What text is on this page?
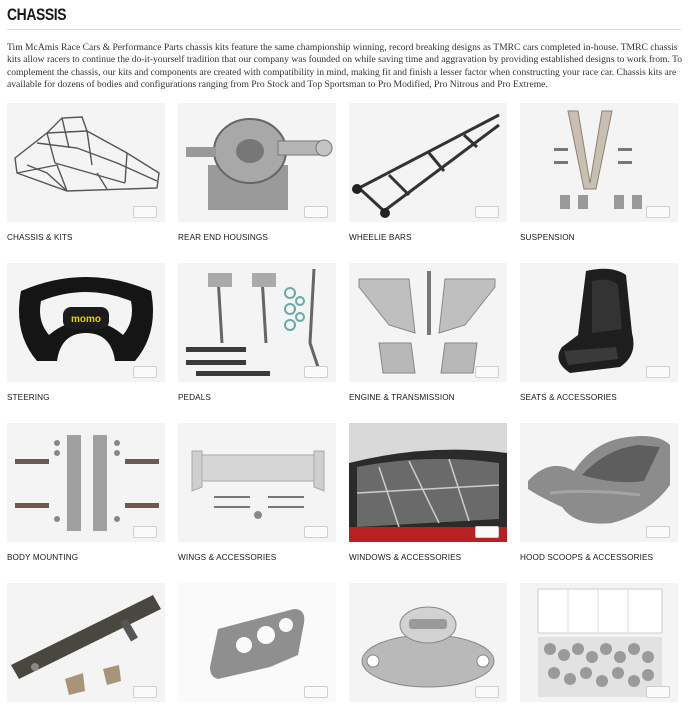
CHASSIS

Tim McAmis Race Cars & Performance Parts chassis kits feature the same championship winning, record breaking designs as TMRC cars completed in-house. TMRC chassis kits allow racers to continue the do-it-yourself tradition that our company was founded on while saving time and aggravation by providing established designs to work from. To complement the chassis, our kits and components are created with compatibility in mind, making fit and finish a lesser factor when constructing your race car. Chassis kits are available for dozens of bodies and configurations ranging from Pro Stock and Top Sportsman to Pro Modified, Pro Nitrous and Pro Extreme.

CHASSIS & KITS	REAR END HOUSINGS	WHEELIE BARS	SUSPENSION
momo
STEERING	PEDALS	ENGINE & TRANSMISSION	SEATS & ACCESSORIES
BODY MOUNTING	WINGS & ACCESSORIES	WINDOWS & ACCESSORIES	HOOD SCOOPS & ACCESSORIES
